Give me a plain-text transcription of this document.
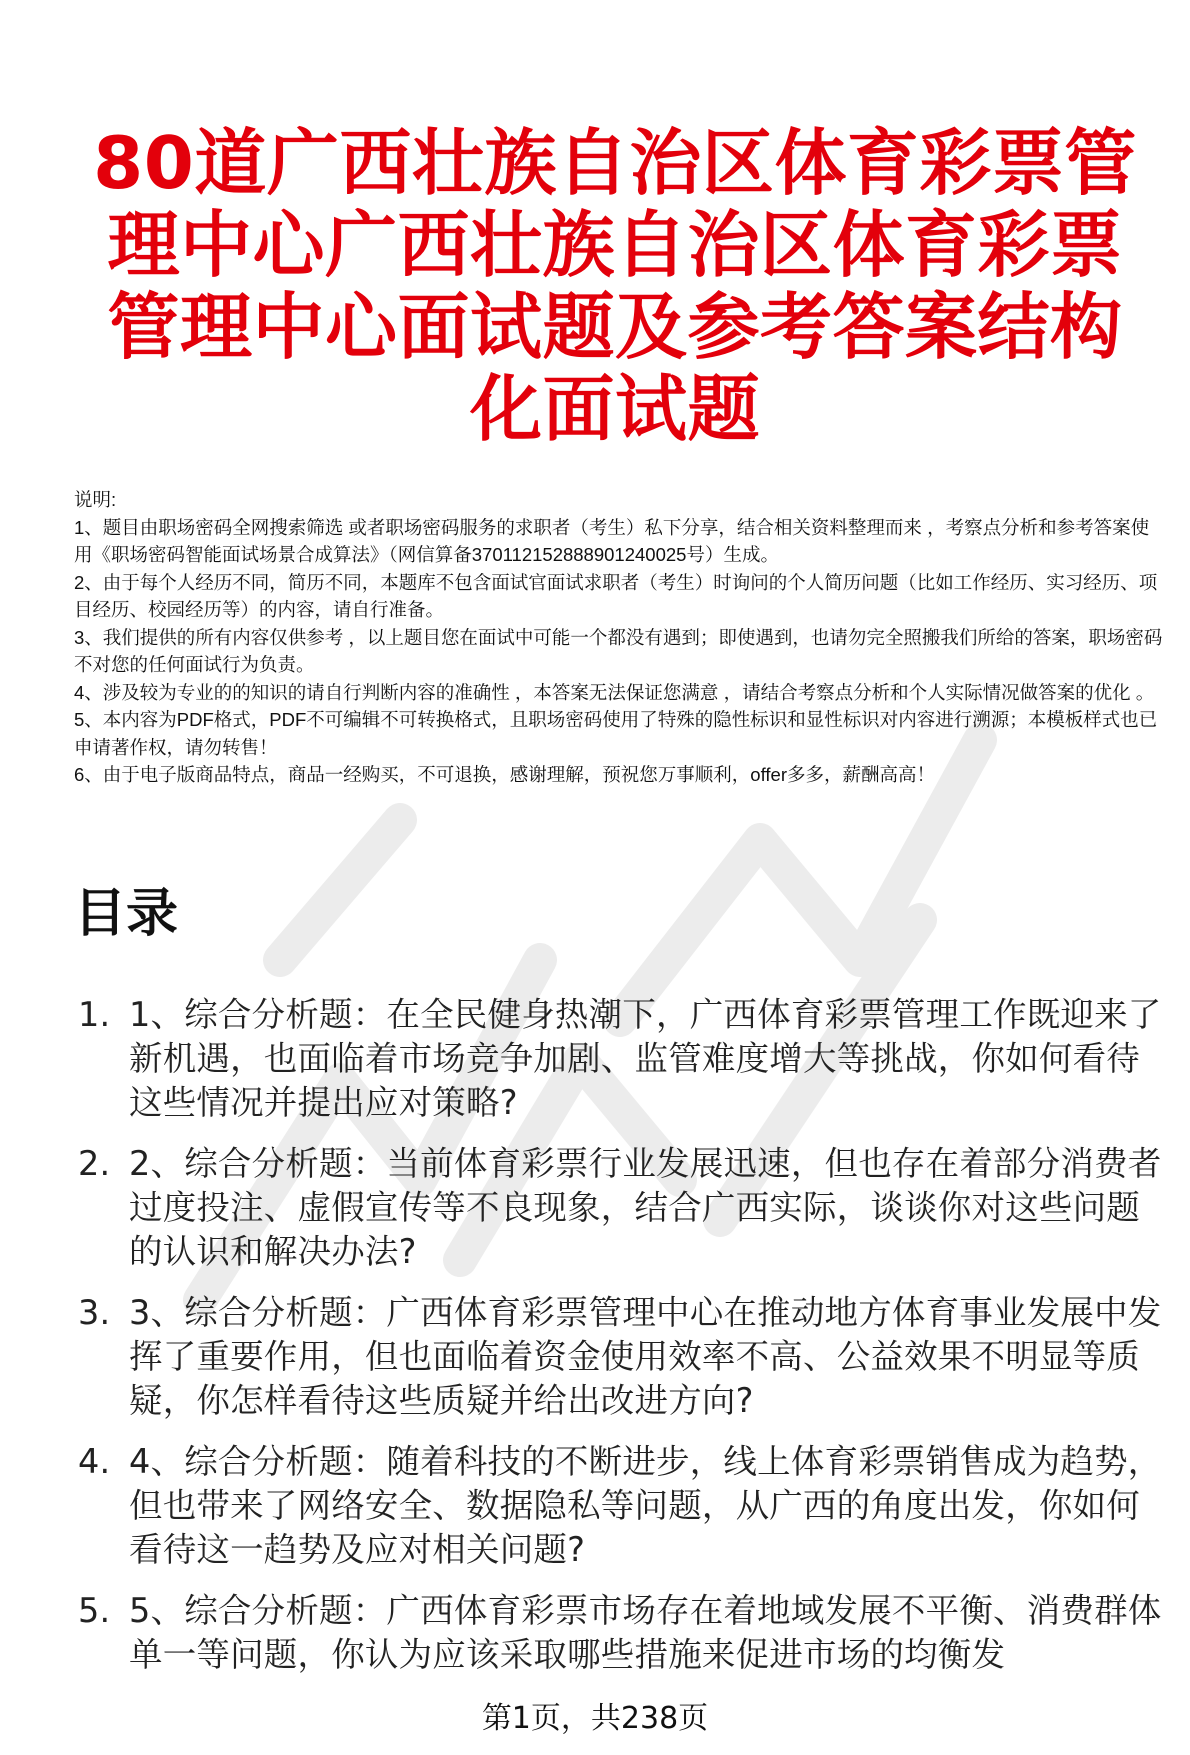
80道广西壮族自治区体育彩票管理中心广西壮族自治区体育彩票管理中心面试题及参考答案结构化面试题

说明:

1、题目由职场密码全网搜索筛选 或者职场密码服务的求职者（考生）私下分享，结合相关资料整理而来 ，考察点分析和参考答案使用《职场密码智能面试场景合成算法》（网信算备370112152888901240025号）生成。

2、由于每个人经历不同，简历不同，本题库不包含面试官面试求职者（考生）时询问的个人简历问题（比如工作经历、实习经历、项目经历、校园经历等）的内容，请自行准备。

3、我们提供的所有内容仅供参考 ，以上题目您在面试中可能一个都没有遇到；即使遇到，也请勿完全照搬我们所给的答案，职场密码不对您的任何面试行为负责。

4、涉及较为专业的的知识的请自行判断内容的准确性 ，本答案无法保证您满意 ，请结合考察点分析和个人实际情况做答案的优化 。

5、本内容为PDF格式，PDF不可编辑不可转换格式，且职场密码使用了特殊的隐性标识和显性标识对内容进行溯源；本模板样式也已申请著作权，请勿转售！

6、由于电子版商品特点，商品一经购买，不可退换，感谢理解，预祝您万事顺利，offer多多，薪酬高高！

目录
1. 1、综合分析题：在全民健身热潮下，广西体育彩票管理工作既迎来了新机遇，也面临着市场竞争加剧、监管难度增大等挑战，你如何看待这些情况并提出应对策略?
2. 2、综合分析题：当前体育彩票行业发展迅速，但也存在着部分消费者过度投注、虚假宣传等不良现象，结合广西实际，谈谈你对这些问题的认识和解决办法?
3. 3、综合分析题：广西体育彩票管理中心在推动地方体育事业发展中发挥了重要作用，但也面临着资金使用效率不高、公益效果不明显等质疑，你怎样看待这些质疑并给出改进方向?
4. 4、综合分析题：随着科技的不断进步，线上体育彩票销售成为趋势，但也带来了网络安全、数据隐私等问题，从广西的角度出发，你如何看待这一趋势及应对相关问题?
5. 5、综合分析题：广西体育彩票市场存在着地域发展不平衡、消费群体单一等问题，你认为应该采取哪些措施来促进市场的均衡发
第1页，共238页
